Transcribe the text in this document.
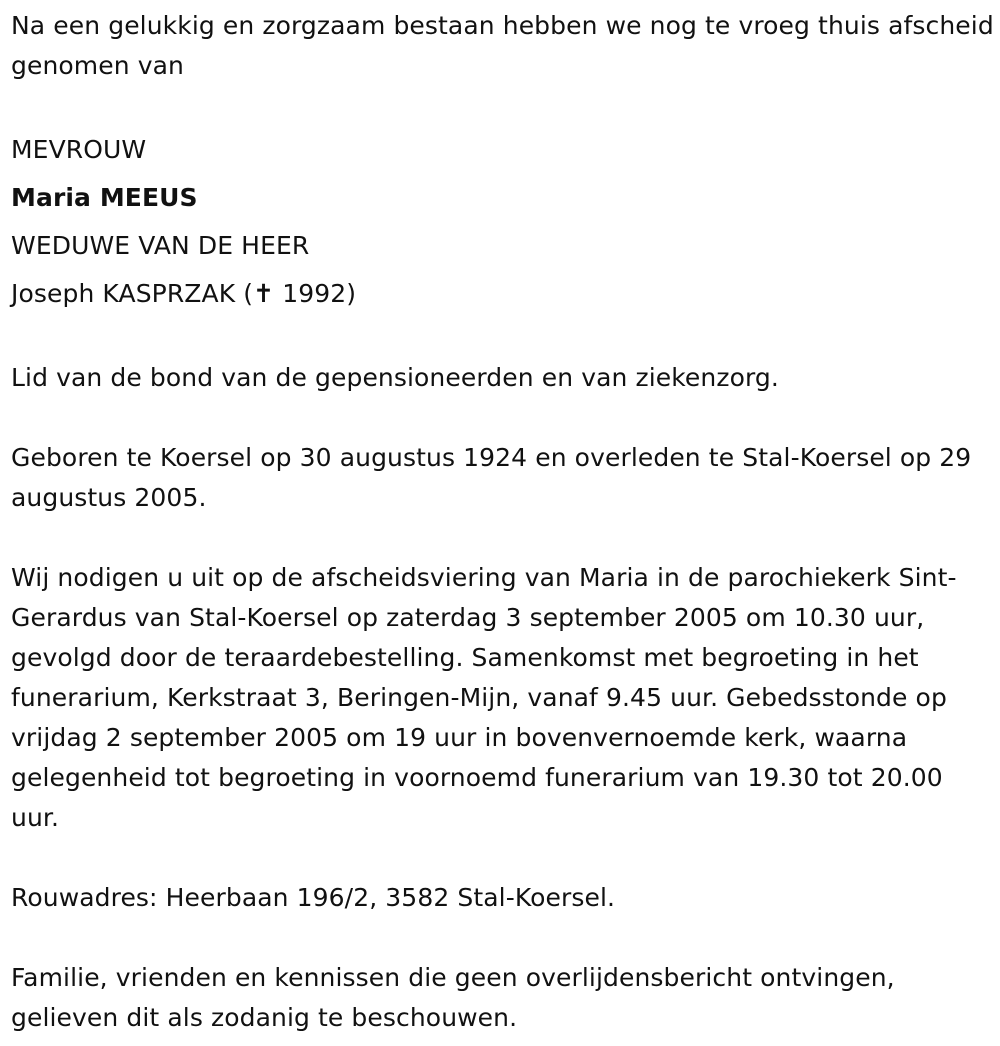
Na een gelukkig en zorgzaam bestaan hebben we nog te vroeg thuis afscheid genomen van

MEVROUW
Maria MEEUS
WEDUWE VAN DE HEER
Joseph KASPRZAK (✝ 1992)

Lid van de bond van de gepensioneerden en van ziekenzorg.

Geboren te Koersel op 30 augustus 1924 en overleden te Stal-Koersel op 29 augustus 2005.

Wij nodigen u uit op de afscheidsviering van Maria in de parochiekerk Sint-Gerardus van Stal-Koersel op zaterdag 3 september 2005 om 10.30 uur, gevolgd door de teraardebestelling. Samenkomst met begroeting in het funerarium, Kerkstraat 3, Beringen-Mijn, vanaf 9.45 uur. Gebedsstonde op vrijdag 2 september 2005 om 19 uur in bovenvernoemde kerk, waarna gelegenheid tot begroeting in voornoemd funerarium van 19.30 tot 20.00 uur.

Rouwadres: Heerbaan 196/2, 3582 Stal-Koersel.

Familie, vrienden en kennissen die geen overlijdensbericht ontvingen, gelieven dit als zodanig te beschouwen.
